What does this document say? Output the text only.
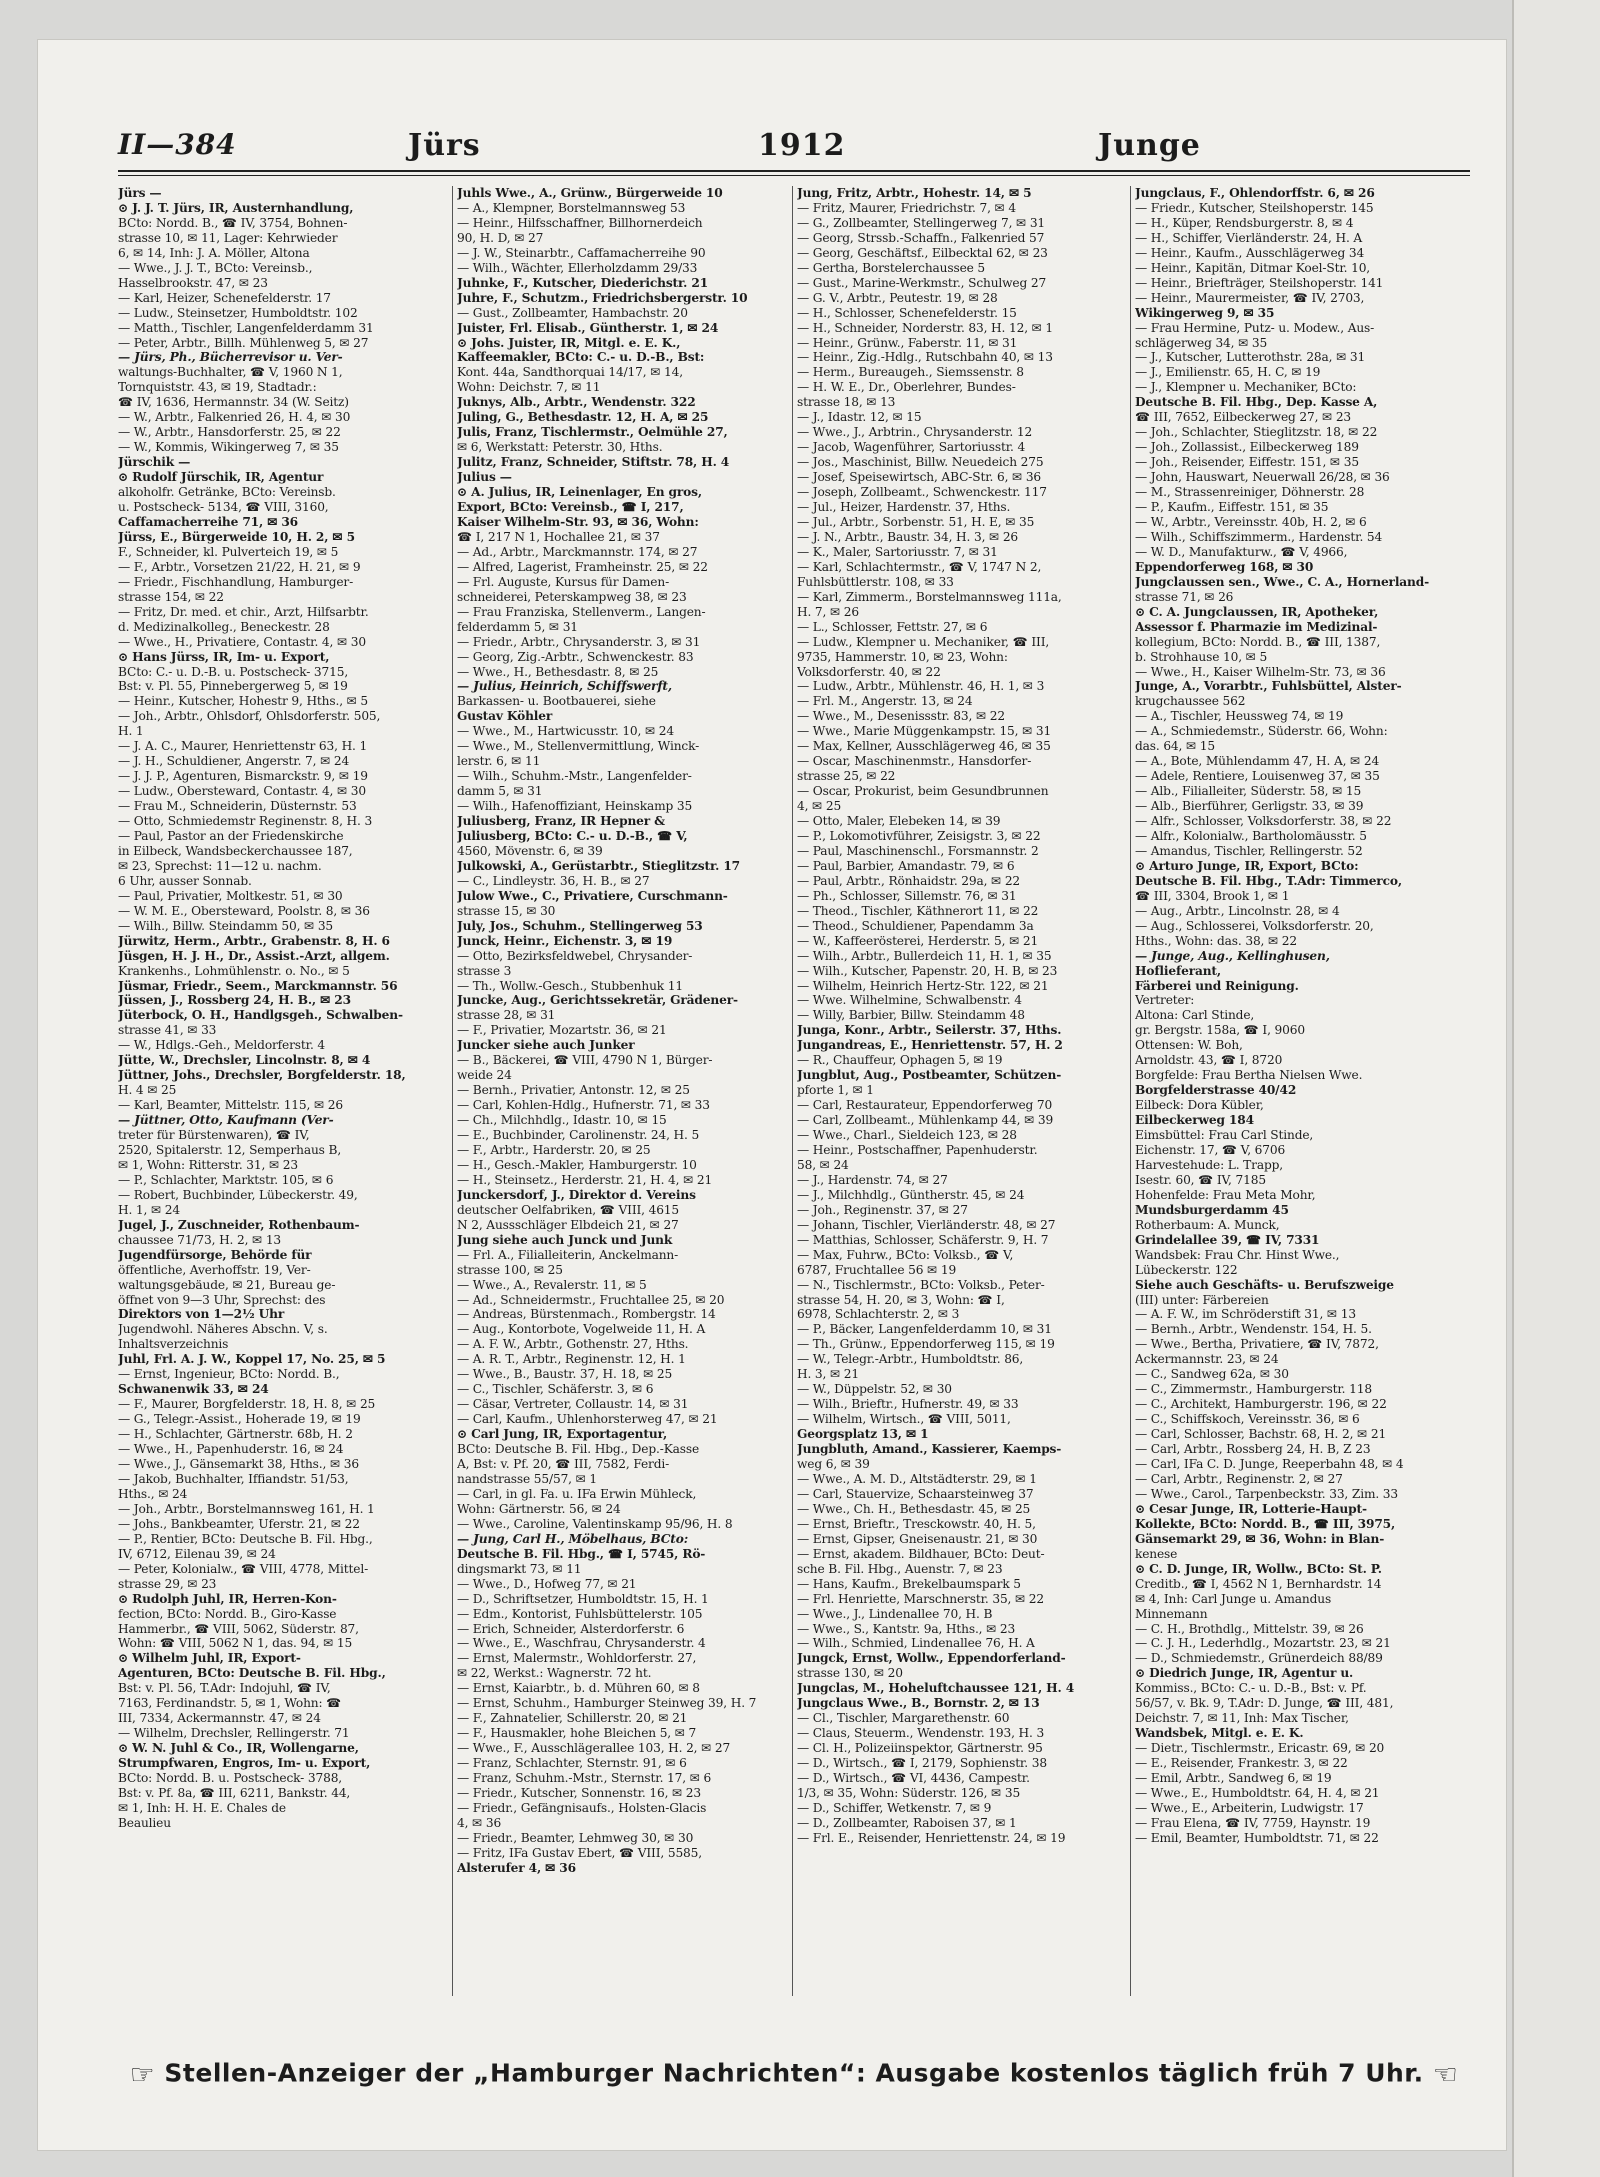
II—384	Jürs	1912	Junge
Jürs —
⊙ J. J. T. Jürs, IR, Austernhandlung,
BCto: Nordd. B., ☎ IV, 3754, Bohnen-
strasse 10, ✉ 11, Lager: Kehrwieder
6, ✉ 14, Inh: J. A. Möller, Altona
— Wwe., J. J. T., BCto: Vereinsb.,
Hasselbrookstr. 47, ✉ 23
— Karl, Heizer, Schenefelderstr. 17
— Ludw., Steinsetzer, Humboldtstr. 102
— Matth., Tischler, Langenfelderdamm 31
— Peter, Arbtr., Billh. Mühlenweg 5, ✉ 27
— Jürs, Ph., Bücherrevisor u. Ver-
waltungs-Buchhalter, ☎ V, 1960 N 1,
Tornquiststr. 43, ✉ 19, Stadtadr.:
☎ IV, 1636, Hermannstr. 34 (W. Seitz)
— W., Arbtr., Falkenried 26, H. 4, ✉ 30
— W., Arbtr., Hansdorferstr. 25, ✉ 22
— W., Kommis, Wikingerweg 7, ✉ 35
Jürschik —
⊙ Rudolf Jürschik, IR, Agentur
alkoholfr. Getränke, BCto: Vereinsb.
u. Postscheck- 5134, ☎ VIII, 3160,
Caffamacherreihe 71, ✉ 36
Jürss, E., Bürgerweide 10, H. 2, ✉ 5
F., Schneider, kl. Pulverteich 19, ✉ 5
— F., Arbtr., Vorsetzen 21/22, H. 21, ✉ 9
— Friedr., Fischhandlung, Hamburger-
strasse 154, ✉ 22
— Fritz, Dr. med. et chir., Arzt, Hilfsarbtr.
d. Medizinalkolleg., Beneckestr. 28
— Wwe., H., Privatiere, Contastr. 4, ✉ 30
⊙ Hans Jürss, IR, Im- u. Export,
BCto: C.- u. D.-B. u. Postscheck- 3715,
Bst: v. Pl. 55, Pinnebergerweg 5, ✉ 19
— Heinr., Kutscher, Hohestr 9, Hths., ✉ 5
— Joh., Arbtr., Ohlsdorf, Ohlsdorferstr. 505,
H. 1
— J. A. C., Maurer, Henriettenstr 63, H. 1
— J. H., Schuldiener, Angerstr. 7, ✉ 24
— J. J. P., Agenturen, Bismarckstr. 9, ✉ 19
— Ludw., Obersteward, Contastr. 4, ✉ 30
— Frau M., Schneiderin, Düsternstr. 53
— Otto, Schmiedemstr Reginenstr. 8, H. 3
— Paul, Pastor an der Friedenskirche
in Eilbeck, Wandsbeckerchaussee 187,
✉ 23, Sprechst: 11—12 u. nachm.
6 Uhr, ausser Sonnab.
— Paul, Privatier, Moltkestr. 51, ✉ 30
— W. M. E., Obersteward, Poolstr. 8, ✉ 36
— Wilh., Billw. Steindamm 50, ✉ 35
Jürwitz, Herm., Arbtr., Grabenstr. 8, H. 6
Jüsgen, H. J. H., Dr., Assist.-Arzt, allgem.
Krankenhs., Lohmühlenstr. o. No., ✉ 5
Jüsmar, Friedr., Seem., Marckmannstr. 56
Jüssen, J., Rossberg 24, H. B., ✉ 23
Jüterbock, O. H., Handlgsgeh., Schwalben-
strasse 41, ✉ 33
— W., Hdlgs.-Geh., Meldorferstr. 4
Jütte, W., Drechsler, Lincolnstr. 8, ✉ 4
Jüttner, Johs., Drechsler, Borgfelderstr. 18,
H. 4 ✉ 25
— Karl, Beamter, Mittelstr. 115, ✉ 26
— Jüttner, Otto, Kaufmann (Ver-
treter für Bürstenwaren), ☎ IV,
2520, Spitalerstr. 12, Semperhaus B,
✉ 1, Wohn: Ritterstr. 31, ✉ 23
— P., Schlachter, Marktstr. 105, ✉ 6
— Robert, Buchbinder, Lübeckerstr. 49,
H. 1, ✉ 24
Jugel, J., Zuschneider, Rothenbaum-
chaussee 71/73, H. 2, ✉ 13
Jugendfürsorge, Behörde für
öffentliche, Averhoffstr. 19, Ver-
waltungsgebäude, ✉ 21, Bureau ge-
öffnet von 9—3 Uhr, Sprechst: des
Direktors von 1—2½ Uhr
Jugendwohl. Näheres Abschn. V, s.
Inhaltsverzeichnis
Juhl, Frl. A. J. W., Koppel 17, No. 25, ✉ 5
— Ernst, Ingenieur, BCto: Nordd. B.,
Schwanenwik 33, ✉ 24
— F., Maurer, Borgfelderstr. 18, H. 8, ✉ 25
— G., Telegr.-Assist., Hoherade 19, ✉ 19
— H., Schlachter, Gärtnerstr. 68b, H. 2
— Wwe., H., Papenhuderstr. 16, ✉ 24
— Wwe., J., Gänsemarkt 38, Hths., ✉ 36
— Jakob, Buchhalter, Iffiandstr. 51/53,
Hths., ✉ 24
— Joh., Arbtr., Borstelmannsweg 161, H. 1
— Johs., Bankbeamter, Uferstr. 21, ✉ 22
— P., Rentier, BCto: Deutsche B. Fil. Hbg.,
IV, 6712, Eilenau 39, ✉ 24
— Peter, Kolonialw., ☎ VIII, 4778, Mittel-
strasse 29, ✉ 23
⊙ Rudolph Juhl, IR, Herren-Kon-
fection, BCto: Nordd. B., Giro-Kasse
Hammerbr., ☎ VIII, 5062, Süderstr. 87,
Wohn: ☎ VIII, 5062 N 1, das. 94, ✉ 15
⊙ Wilhelm Juhl, IR, Export-
Agenturen, BCto: Deutsche B. Fil. Hbg.,
Bst: v. Pl. 56, T.Adr: Indojuhl, ☎ IV,
7163, Ferdinandstr. 5, ✉ 1, Wohn: ☎
III, 7334, Ackermannstr. 47, ✉ 24
— Wilhelm, Drechsler, Rellingerstr. 71
⊙ W. N. Juhl & Co., IR, Wollengarne,
Strumpfwaren, Engros, Im- u. Export,
BCto: Nordd. B. u. Postscheck- 3788,
Bst: v. Pf. 8a, ☎ III, 6211, Bankstr. 44,
✉ 1, Inh: H. H. E. Chales de
Beaulieu
Juhls Wwe., A., Grünw., Bürgerweide 10
— A., Klempner, Borstelmannsweg 53
— Heinr., Hilfsschaffner, Billhornerdeich
90, H. D, ✉ 27
— J. W., Steinarbtr., Caffamacherreihe 90
— Wilh., Wächter, Ellerholzdamm 29/33
Juhnke, F., Kutscher, Diederichstr. 21
Juhre, F., Schutzm., Friedrichsbergerstr. 10
— Gust., Zollbeamter, Hambachstr. 20
Juister, Frl. Elisab., Güntherstr. 1, ✉ 24
⊙ Johs. Juister, IR, Mitgl. e. E. K.,
Kaffeemakler, BCto: C.- u. D.-B., Bst:
Kont. 44a, Sandthorquai 14/17, ✉ 14,
Wohn: Deichstr. 7, ✉ 11
Juknys, Alb., Arbtr., Wendenstr. 322
Juling, G., Bethesdastr. 12, H. A, ✉ 25
Julis, Franz, Tischlermstr., Oelmühle 27,
✉ 6, Werkstatt: Peterstr. 30, Hths.
Julitz, Franz, Schneider, Stiftstr. 78, H. 4
Julius —
⊙ A. Julius, IR, Leinenlager, En gros,
Export, BCto: Vereinsb., ☎ I, 217,
Kaiser Wilhelm-Str. 93, ✉ 36, Wohn:
☎ I, 217 N 1, Hochallee 21, ✉ 37
— Ad., Arbtr., Marckmannstr. 174, ✉ 27
— Alfred, Lagerist, Framheinstr. 25, ✉ 22
— Frl. Auguste, Kursus für Damen-
schneiderei, Peterskampweg 38, ✉ 23
— Frau Franziska, Stellenverm., Langen-
felderdamm 5, ✉ 31
— Friedr., Arbtr., Chrysanderstr. 3, ✉ 31
— Georg, Zig.-Arbtr., Schwenckestr. 83
— Wwe., H., Bethesdastr. 8, ✉ 25
— Julius, Heinrich, Schiffswerft,
Barkassen- u. Bootbauerei, siehe
Gustav Köhler
— Wwe., M., Hartwicusstr. 10, ✉ 24
— Wwe., M., Stellenvermittlung, Winck-
lerstr. 6, ✉ 11
— Wilh., Schuhm.-Mstr., Langenfelder-
damm 5, ✉ 31
— Wilh., Hafenoffiziant, Heinskamp 35
Juliusberg, Franz, IR Hepner &
Juliusberg, BCto: C.- u. D.-B., ☎ V,
4560, Mövenstr. 6, ✉ 39
Julkowski, A., Gerüstarbtr., Stieglitzstr. 17
— C., Lindleystr. 36, H. B., ✉ 27
Julow Wwe., C., Privatiere, Curschmann-
strasse 15, ✉ 30
July, Jos., Schuhm., Stellingerweg 53
Junck, Heinr., Eichenstr. 3, ✉ 19
— Otto, Bezirksfeldwebel, Chrysander-
strasse 3
— Th., Wollw.-Gesch., Stubbenhuk 11
Juncke, Aug., Gerichtssekretär, Grädener-
strasse 28, ✉ 31
— F., Privatier, Mozartstr. 36, ✉ 21
Juncker siehe auch Junker
— B., Bäckerei, ☎ VIII, 4790 N 1, Bürger-
weide 24
— Bernh., Privatier, Antonstr. 12, ✉ 25
— Carl, Kohlen-Hdlg., Hufnerstr. 71, ✉ 33
— Ch., Milchhdlg., Idastr. 10, ✉ 15
— E., Buchbinder, Carolinenstr. 24, H. 5
— F., Arbtr., Harderstr. 20, ✉ 25
— H., Gesch.-Makler, Hamburgerstr. 10
— H., Steinsetz., Herderstr. 21, H. 4, ✉ 21
Junckersdorf, J., Direktor d. Vereins
deutscher Oelfabriken, ☎ VIII, 4615
N 2, Aussschläger Elbdeich 21, ✉ 27
Jung siehe auch Junck und Junk
— Frl. A., Filialleiterin, Anckelmann-
strasse 100, ✉ 25
— Wwe., A., Revalerstr. 11, ✉ 5
— Ad., Schneidermstr., Fruchtallee 25, ✉ 20
— Andreas, Bürstenmach., Rombergstr. 14
— Aug., Kontorbote, Vogelweide 11, H. A
— A. F. W., Arbtr., Gothenstr. 27, Hths.
— A. R. T., Arbtr., Reginenstr. 12, H. 1
— Wwe., B., Baustr. 37, H. 18, ✉ 25
— C., Tischler, Schäferstr. 3, ✉ 6
— Cäsar, Vertreter, Collaustr. 14, ✉ 31
— Carl, Kaufm., Uhlenhorsterweg 47, ✉ 21
⊙ Carl Jung, IR, Exportagentur,
BCto: Deutsche B. Fil. Hbg., Dep.-Kasse
A, Bst: v. Pf. 20, ☎ III, 7582, Ferdi-
nandstrasse 55/57, ✉ 1
— Carl, in gl. Fa. u. IFa Erwin Mühleck,
Wohn: Gärtnerstr. 56, ✉ 24
— Wwe., Caroline, Valentinskamp 95/96, H. 8
— Jung, Carl H., Möbelhaus, BCto:
Deutsche B. Fil. Hbg., ☎ I, 5745, Rö-
dingsmarkt 73, ✉ 11
— Wwe., D., Hofweg 77, ✉ 21
— D., Schriftsetzer, Humboldtstr. 15, H. 1
— Edm., Kontorist, Fuhlsbüttelerstr. 105
— Erich, Schneider, Alsterdorferstr. 6
— Wwe., E., Waschfrau, Chrysanderstr. 4
— Ernst, Malermstr., Wohldorferstr. 27,
✉ 22, Werkst.: Wagnerstr. 72 ht.
— Ernst, Kaiarbtr., b. d. Mühren 60, ✉ 8
— Ernst, Schuhm., Hamburger Steinweg 39, H. 7
— F., Zahnatelier, Schillerstr. 20, ✉ 21
— F., Hausmakler, hohe Bleichen 5, ✉ 7
— Wwe., F., Ausschlägerallee 103, H. 2, ✉ 27
— Franz, Schlachter, Sternstr. 91, ✉ 6
— Franz, Schuhm.-Mstr., Sternstr. 17, ✉ 6
— Friedr., Kutscher, Sonnenstr. 16, ✉ 23
— Friedr., Gefängnisaufs., Holsten-Glacis
4, ✉ 36
— Friedr., Beamter, Lehmweg 30, ✉ 30
— Fritz, IFa Gustav Ebert, ☎ VIII, 5585,
Alsterufer 4, ✉ 36
Jung, Fritz, Arbtr., Hohestr. 14, ✉ 5
— Fritz, Maurer, Friedrichstr. 7, ✉ 4
— G., Zollbeamter, Stellingerweg 7, ✉ 31
— Georg, Strssb.-Schaffn., Falkenried 57
— Georg, Geschäftsf., Eilbecktal 62, ✉ 23
— Gertha, Borstelerchaussee 5
— Gust., Marine-Werkmstr., Schulweg 27
— G. V., Arbtr., Peutestr. 19, ✉ 28
— H., Schlosser, Schenefelderstr. 15
— H., Schneider, Norderstr. 83, H. 12, ✉ 1
— Heinr., Grünw., Faberstr. 11, ✉ 31
— Heinr., Zig.-Hdlg., Rutschbahn 40, ✉ 13
— Herm., Bureaugeh., Siemssenstr. 8
— H. W. E., Dr., Oberlehrer, Bundes-
strasse 18, ✉ 13
— J., Idastr. 12, ✉ 15
— Wwe., J., Arbtrin., Chrysanderstr. 12
— Jacob, Wagenführer, Sartoriusstr. 4
— Jos., Maschinist, Billw. Neuedeich 275
— Josef, Speisewirtsch, ABC-Str. 6, ✉ 36
— Joseph, Zollbeamt., Schwenckestr. 117
— Jul., Heizer, Hardenstr. 37, Hths.
— Jul., Arbtr., Sorbenstr. 51, H. E, ✉ 35
— J. N., Arbtr., Baustr. 34, H. 3, ✉ 26
— K., Maler, Sartoriusstr. 7, ✉ 31
— Karl, Schlachtermstr., ☎ V, 1747 N 2,
Fuhlsbüttlerstr. 108, ✉ 33
— Karl, Zimmerm., Borstelmannsweg 111a,
H. 7, ✉ 26
— L., Schlosser, Fettstr. 27, ✉ 6
— Ludw., Klempner u. Mechaniker, ☎ III,
9735, Hammerstr. 10, ✉ 23, Wohn:
Volksdorferstr. 40, ✉ 22
— Ludw., Arbtr., Mühlenstr. 46, H. 1, ✉ 3
— Frl. M., Angerstr. 13, ✉ 24
— Wwe., M., Desenissstr. 83, ✉ 22
— Wwe., Marie Müggenkampstr. 15, ✉ 31
— Max, Kellner, Ausschlägerweg 46, ✉ 35
— Oscar, Maschinenmstr., Hansdorfer-
strasse 25, ✉ 22
— Oscar, Prokurist, beim Gesundbrunnen
4, ✉ 25
— Otto, Maler, Elebeken 14, ✉ 39
— P., Lokomotivführer, Zeisigstr. 3, ✉ 22
— Paul, Maschinenschl., Forsmannstr. 2
— Paul, Barbier, Amandastr. 79, ✉ 6
— Paul, Arbtr., Rönhaidstr. 29a, ✉ 22
— Ph., Schlosser, Sillemstr. 76, ✉ 31
— Theod., Tischler, Käthnerort 11, ✉ 22
— Theod., Schuldiener, Papendamm 3a
— W., Kaffeerösterei, Herderstr. 5, ✉ 21
— Wilh., Arbtr., Bullerdeich 11, H. 1, ✉ 35
— Wilh., Kutscher, Papenstr. 20, H. B, ✉ 23
— Wilhelm, Heinrich Hertz-Str. 122, ✉ 21
— Wwe. Wilhelmine, Schwalbenstr. 4
— Willy, Barbier, Billw. Steindamm 48
Junga, Konr., Arbtr., Seilerstr. 37, Hths.
Jungandreas, E., Henriettenstr. 57, H. 2
— R., Chauffeur, Ophagen 5, ✉ 19
Jungblut, Aug., Postbeamter, Schützen-
pforte 1, ✉ 1
— Carl, Restaurateur, Eppendorferweg 70
— Carl, Zollbeamt., Mühlenkamp 44, ✉ 39
— Wwe., Charl., Sieldeich 123, ✉ 28
— Heinr., Postschaffner, Papenhuderstr.
58, ✉ 24
— J., Hardenstr. 74, ✉ 27
— J., Milchhdlg., Güntherstr. 45, ✉ 24
— Joh., Reginenstr. 37, ✉ 27
— Johann, Tischler, Vierländerstr. 48, ✉ 27
— Matthias, Schlosser, Schäferstr. 9, H. 7
— Max, Fuhrw., BCto: Volksb., ☎ V,
6787, Fruchtallee 56 ✉ 19
— N., Tischlermstr., BCto: Volksb., Peter-
strasse 54, H. 20, ✉ 3, Wohn: ☎ I,
6978, Schlachterstr. 2, ✉ 3
— P., Bäcker, Langenfelderdamm 10, ✉ 31
— Th., Grünw., Eppendorferweg 115, ✉ 19
— W., Telegr.-Arbtr., Humboldtstr. 86,
H. 3, ✉ 21
— W., Düppelstr. 52, ✉ 30
— Wilh., Brieftr., Hufnerstr. 49, ✉ 33
— Wilhelm, Wirtsch., ☎ VIII, 5011,
Georgsplatz 13, ✉ 1
Jungbluth, Amand., Kassierer, Kaemps-
weg 6, ✉ 39
— Wwe., A. M. D., Altstädterstr. 29, ✉ 1
— Carl, Stauervize, Schaarsteinweg 37
— Wwe., Ch. H., Bethesdastr. 45, ✉ 25
— Ernst, Brieftr., Tresckowstr. 40, H. 5,
— Ernst, Gipser, Gneisenaustr. 21, ✉ 30
— Ernst, akadem. Bildhauer, BCto: Deut-
sche B. Fil. Hbg., Auenstr. 7, ✉ 23
— Hans, Kaufm., Brekelbaumspark 5
— Frl. Henriette, Marschnerstr. 35, ✉ 22
— Wwe., J., Lindenallee 70, H. B
— Wwe., S., Kantstr. 9a, Hths., ✉ 23
— Wilh., Schmied, Lindenallee 76, H. A
Jungck, Ernst, Wollw., Eppendorferland-
strasse 130, ✉ 20
Jungclas, M., Hoheluftchaussee 121, H. 4
Jungclaus Wwe., B., Bornstr. 2, ✉ 13
— Cl., Tischler, Margarethenstr. 60
— Claus, Steuerm., Wendenstr. 193, H. 3
— Cl. H., Polizeiinspektor, Gärtnerstr. 95
— D., Wirtsch., ☎ I, 2179, Sophienstr. 38
— D., Wirtsch., ☎ VI, 4436, Campestr.
1/3, ✉ 35, Wohn: Süderstr. 126, ✉ 35
— D., Schiffer, Wetkenstr. 7, ✉ 9
— D., Zollbeamter, Raboisen 37, ✉ 1
— Frl. E., Reisender, Henriettenstr. 24, ✉ 19
Jungclaus, F., Ohlendorffstr. 6, ✉ 26
— Friedr., Kutscher, Steilshoperstr. 145
— H., Küper, Rendsburgerstr. 8, ✉ 4
— H., Schiffer, Vierländerstr. 24, H. A
— Heinr., Kaufm., Ausschlägerweg 34
— Heinr., Kapitän, Ditmar Koel-Str. 10,
— Heinr., Briefträger, Steilshoperstr. 141
— Heinr., Maurermeister, ☎ IV, 2703,
Wikingerweg 9, ✉ 35
— Frau Hermine, Putz- u. Modew., Aus-
schlägerweg 34, ✉ 35
— J., Kutscher, Lutterothstr. 28a, ✉ 31
— J., Emilienstr. 65, H. C, ✉ 19
— J., Klempner u. Mechaniker, BCto:
Deutsche B. Fil. Hbg., Dep. Kasse A,
☎ III, 7652, Eilbeckerweg 27, ✉ 23
— Joh., Schlachter, Stieglitzstr. 18, ✉ 22
— Joh., Zollassist., Eilbeckerweg 189
— Joh., Reisender, Eiffestr. 151, ✉ 35
— John, Hauswart, Neuerwall 26/28, ✉ 36
— M., Strassenreiniger, Döhnerstr. 28
— P., Kaufm., Eiffestr. 151, ✉ 35
— W., Arbtr., Vereinsstr. 40b, H. 2, ✉ 6
— Wilh., Schiffszimmerm., Hardenstr. 54
— W. D., Manufakturw., ☎ V, 4966,
Eppendorferweg 168, ✉ 30
Jungclaussen sen., Wwe., C. A., Hornerland-
strasse 71, ✉ 26
⊙ C. A. Jungclaussen, IR, Apotheker,
Assessor f. Pharmazie im Medizinal-
kollegium, BCto: Nordd. B., ☎ III, 1387,
b. Strohhause 10, ✉ 5
— Wwe., H., Kaiser Wilhelm-Str. 73, ✉ 36
Junge, A., Vorarbtr., Fuhlsbüttel, Alster-
krugchaussee 562
— A., Tischler, Heussweg 74, ✉ 19
— A., Schmiedemstr., Süderstr. 66, Wohn:
das. 64, ✉ 15
— A., Bote, Mühlendamm 47, H. A, ✉ 24
— Adele, Rentiere, Louisenweg 37, ✉ 35
— Alb., Filialleiter, Süderstr. 58, ✉ 15
— Alb., Bierführer, Gerligstr. 33, ✉ 39
— Alfr., Schlosser, Volksdorferstr. 38, ✉ 22
— Alfr., Kolonialw., Bartholomäusstr. 5
— Amandus, Tischler, Rellingerstr. 52
⊙ Arturo Junge, IR, Export, BCto:
Deutsche B. Fil. Hbg., T.Adr: Timmerco,
☎ III, 3304, Brook 1, ✉ 1
— Aug., Arbtr., Lincolnstr. 28, ✉ 4
— Aug., Schlosserei, Volksdorferstr. 20,
Hths., Wohn: das. 38, ✉ 22
— Junge, Aug., Kellinghusen,
Hoflieferant,
Färberei und Reinigung.
Vertreter:
Altona: Carl Stinde,
gr. Bergstr. 158a, ☎ I, 9060
Ottensen: W. Boh,
Arnoldstr. 43, ☎ I, 8720
Borgfelde: Frau Bertha Nielsen Wwe.
Borgfelderstrasse 40/42
Eilbeck: Dora Kübler,
Eilbeckerweg 184
Eimsbüttel: Frau Carl Stinde,
Eichenstr. 17, ☎ V, 6706
Harvestehude: L. Trapp,
Isestr. 60, ☎ IV, 7185
Hohenfelde: Frau Meta Mohr,
Mundsburgerdamm 45
Rotherbaum: A. Munck,
Grindelallee 39, ☎ IV, 7331
Wandsbek: Frau Chr. Hinst Wwe.,
Lübeckerstr. 122
Siehe auch Geschäfts- u. Berufszweige
(III) unter: Färbereien
— A. F. W., im Schröderstift 31, ✉ 13
— Bernh., Arbtr., Wendenstr. 154, H. 5.
— Wwe., Bertha, Privatiere, ☎ IV, 7872,
Ackermannstr. 23, ✉ 24
— C., Sandweg 62a, ✉ 30
— C., Zimmermstr., Hamburgerstr. 118
— C., Architekt, Hamburgerstr. 196, ✉ 22
— C., Schiffskoch, Vereinsstr. 36, ✉ 6
— Carl, Schlosser, Bachstr. 68, H. 2, ✉ 21
— Carl, Arbtr., Rossberg 24, H. B, Z 23
— Carl, IFa C. D. Junge, Reeperbahn 48, ✉ 4
— Carl, Arbtr., Reginenstr. 2, ✉ 27
— Wwe., Carol., Tarpenbeckstr. 33, Zim. 33
⊙ Cesar Junge, IR, Lotterie-Haupt-
Kollekte, BCto: Nordd. B., ☎ III, 3975,
Gänsemarkt 29, ✉ 36, Wohn: in Blan-
kenese
⊙ C. D. Junge, IR, Wollw., BCto: St. P.
Creditb., ☎ I, 4562 N 1, Bernhardstr. 14
✉ 4, Inh: Carl Junge u. Amandus
Minnemann
— C. H., Brothdlg., Mittelstr. 39, ✉ 26
— C. J. H., Lederhdlg., Mozartstr. 23, ✉ 21
— D., Schmiedemstr., Grünerdeich 88/89
⊙ Diedrich Junge, IR, Agentur u.
Kommiss., BCto: C.- u. D.-B., Bst: v. Pf.
56/57, v. Bk. 9, T.Adr: D. Junge, ☎ III, 481,
Deichstr. 7, ✉ 11, Inh: Max Tischer,
Wandsbek, Mitgl. e. E. K.
— Dietr., Tischlermstr., Ericastr. 69, ✉ 20
— E., Reisender, Frankestr. 3, ✉ 22
— Emil, Arbtr., Sandweg 6, ✉ 19
— Wwe., E., Humboldtstr. 64, H. 4, ✉ 21
— Wwe., E., Arbeiterin, Ludwigstr. 17
— Frau Elena, ☎ IV, 7759, Haynstr. 19
— Emil, Beamter, Humboldtstr. 71, ✉ 22
☞ Stellen-Anzeiger der „Hamburger Nachrichten“: Ausgabe kostenlos täglich früh 7 Uhr. ☜
